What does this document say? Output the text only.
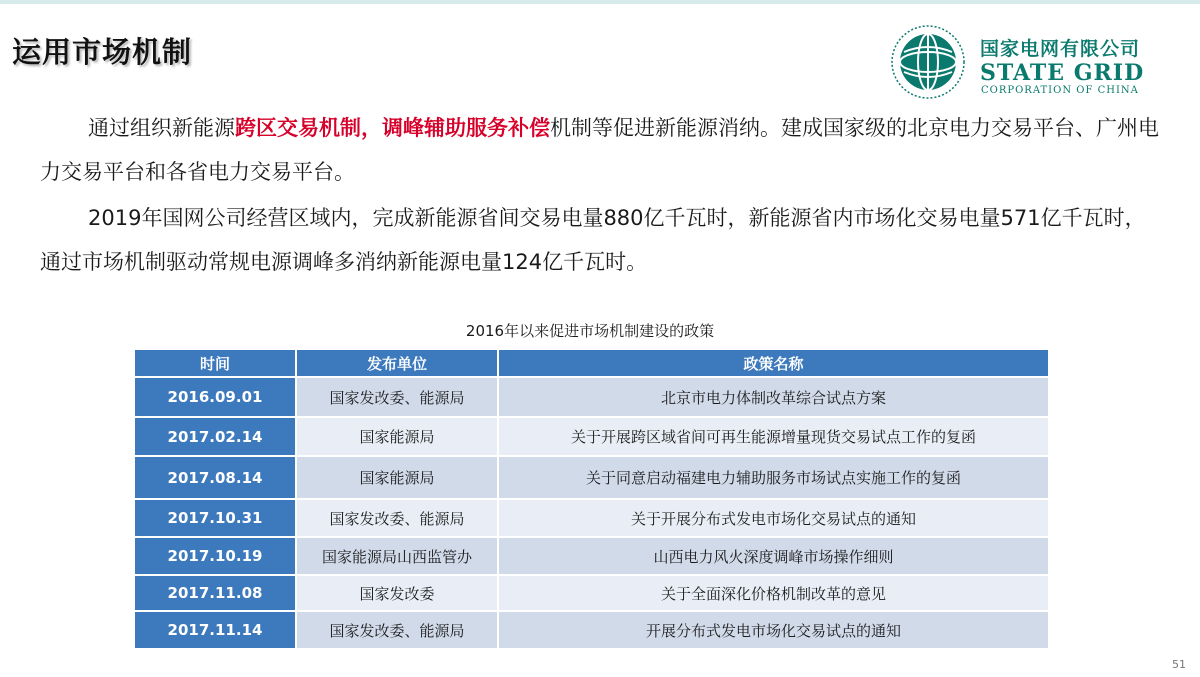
运用市场机制	国家电网有限公司
STATE GRID
CORPORATION OF CHINA
通过组织新能源跨区交易机制，调峰辅助服务补偿机制等促进新能源消纳。建成国家级的北京电力交易平台、广州电力交易平台和各省电力交易平台。
2019年国网公司经营区域内，完成新能源省间交易电量880亿千瓦时，新能源省内市场化交易电量571亿千瓦时，通过市场机制驱动常规电源调峰多消纳新能源电量124亿千瓦时。
2016年以来促进市场机制建设的政策
时间	发布单位	政策名称
2016.09.01	国家发改委、能源局	北京市电力体制改革综合试点方案
2017.02.14	国家能源局	关于开展跨区域省间可再生能源增量现货交易试点工作的复函
2017.08.14	国家能源局	关于同意启动福建电力辅助服务市场试点实施工作的复函
2017.10.31	国家发改委、能源局	关于开展分布式发电市场化交易试点的通知
2017.10.19	国家能源局山西监管办	山西电力风火深度调峰市场操作细则
2017.11.08	国家发改委	关于全面深化价格机制改革的意见
2017.11.14	国家发改委、能源局	开展分布式发电市场化交易试点的通知
51
